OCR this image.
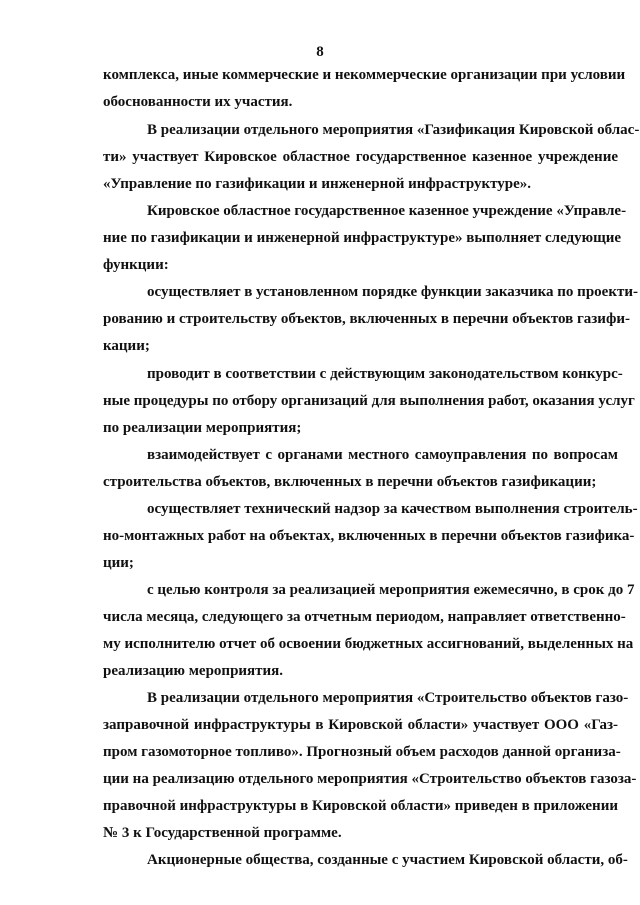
8
комплекса, иные коммерческие и некоммерческие организации при условии
обоснованности их участия.
В реализации отдельного мероприятия «Газификация Кировской облас-
ти» участвует Кировское областное государственное казенное учреждение
«Управление по газификации и инженерной инфраструктуре».
Кировское областное государственное казенное учреждение «Управле-
ние по газификации и инженерной инфраструктуре» выполняет следующие
функции:
осуществляет в установленном порядке функции заказчика по проекти-
рованию и строительству объектов, включенных в перечни объектов газифи-
кации;
проводит в соответствии с действующим законодательством конкурс-
ные процедуры по отбору организаций для выполнения работ, оказания услуг
по реализации мероприятия;
взаимодействует с органами местного самоуправления по вопросам
строительства объектов, включенных в перечни объектов газификации;
осуществляет технический надзор за качеством выполнения строитель-
но-монтажных работ на объектах, включенных в перечни объектов газифика-
ции;
с целью контроля за реализацией мероприятия ежемесячно, в срок до 7
числа месяца, следующего за отчетным периодом, направляет ответственно-
му исполнителю отчет об освоении бюджетных ассигнований, выделенных на
реализацию мероприятия.
В реализации отдельного мероприятия «Строительство объектов газо-
заправочной инфраструктуры в Кировской области» участвует ООО «Газ-
пром газомоторное топливо». Прогнозный объем расходов данной организа-
ции на реализацию отдельного мероприятия «Строительство объектов газоза-
правочной инфраструктуры в Кировской области» приведен в приложении
№ 3 к Государственной программе.
Акционерные общества, созданные с участием Кировской области, об-
